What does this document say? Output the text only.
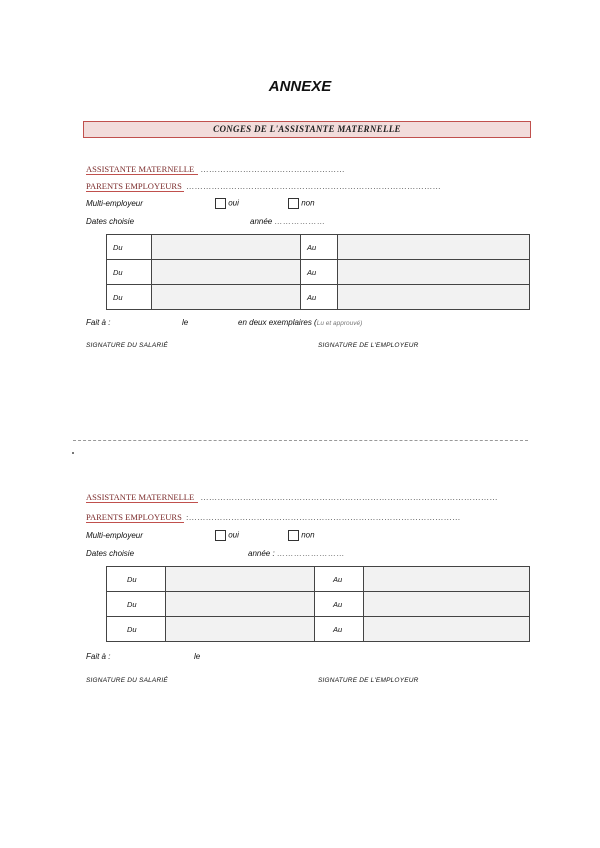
ANNEXE
CONGES DE L'ASSISTANTE MATERNELLE
ASSISTANTE MATERNELLE ……………………………………………
PARENTS EMPLOYEURS ………………………………………………………………………………
Multi-employeur	oui	non
Dates choisie	année ………………
Du		Au	
Du		Au	
Du		Au	
Fait à :	le	en deux exemplaires (Lu et approuvé)
SIGNATURE DU SALARIÉ	SIGNATURE DE L'EMPLOYEUR
ASSISTANTE MATERNELLE ……………………………………………………………………………………………
PARENTS EMPLOYEURS :……………………………………………………………………………………
Multi-employeur	oui	non
Dates choisie	année : ……………………
Du		Au	
Du		Au	
Du		Au	
Fait à :	le
SIGNATURE DU SALARIÉ	SIGNATURE DE L'EMPLOYEUR
